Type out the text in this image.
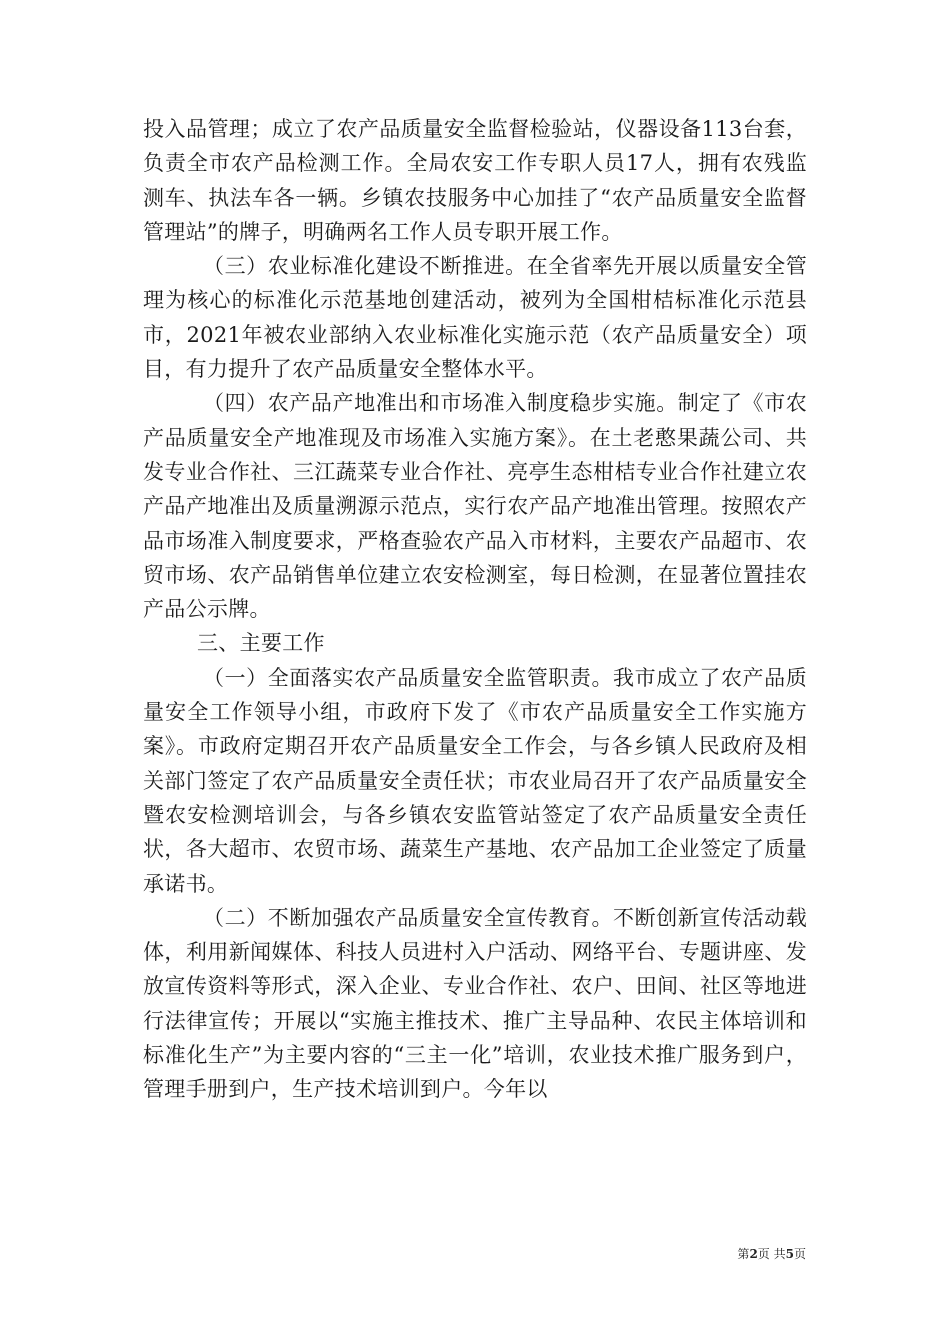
投入品管理；成立了农产品质量安全监督检验站，仪器设备113台套，负责全市农产品检测工作。全局农安工作专职人员17人，拥有农残监测车、执法车各一辆。乡镇农技服务中心加挂了“农产品质量安全监督管理站”的牌子，明确两名工作人员专职开展工作。

（三）农业标准化建设不断推进。在全省率先开展以质量安全管理为核心的标准化示范基地创建活动，被列为全国柑桔标准化示范县市，2021年被农业部纳入农业标准化实施示范（农产品质量安全）项目，有力提升了农产品质量安全整体水平。

（四）农产品产地准出和市场准入制度稳步实施。制定了《市农产品质量安全产地准现及市场准入实施方案》。在土老憨果蔬公司、共发专业合作社、三江蔬菜专业合作社、亮亭生态柑桔专业合作社建立农产品产地准出及质量溯源示范点，实行农产品产地准出管理。按照农产品市场准入制度要求，严格查验农产品入市材料，主要农产品超市、农贸市场、农产品销售单位建立农安检测室，每日检测，在显著位置挂农产品公示牌。

三、主要工作

（一）全面落实农产品质量安全监管职责。我市成立了农产品质量安全工作领导小组，市政府下发了《市农产品质量安全工作实施方案》。市政府定期召开农产品质量安全工作会，与各乡镇人民政府及相关部门签定了农产品质量安全责任状；市农业局召开了农产品质量安全暨农安检测培训会，与各乡镇农安监管站签定了农产品质量安全责任状，各大超市、农贸市场、蔬菜生产基地、农产品加工企业签定了质量承诺书。

（二）不断加强农产品质量安全宣传教育。不断创新宣传活动载体，利用新闻媒体、科技人员进村入户活动、网络平台、专题讲座、发放宣传资料等形式，深入企业、专业合作社、农户、田间、社区等地进行法律宣传；开展以“实施主推技术、推广主导品种、农民主体培训和标准化生产”为主要内容的“三主一化”培训，农业技术推广服务到户，管理手册到户，生产技术培训到户。今年以

第2页 共5页
